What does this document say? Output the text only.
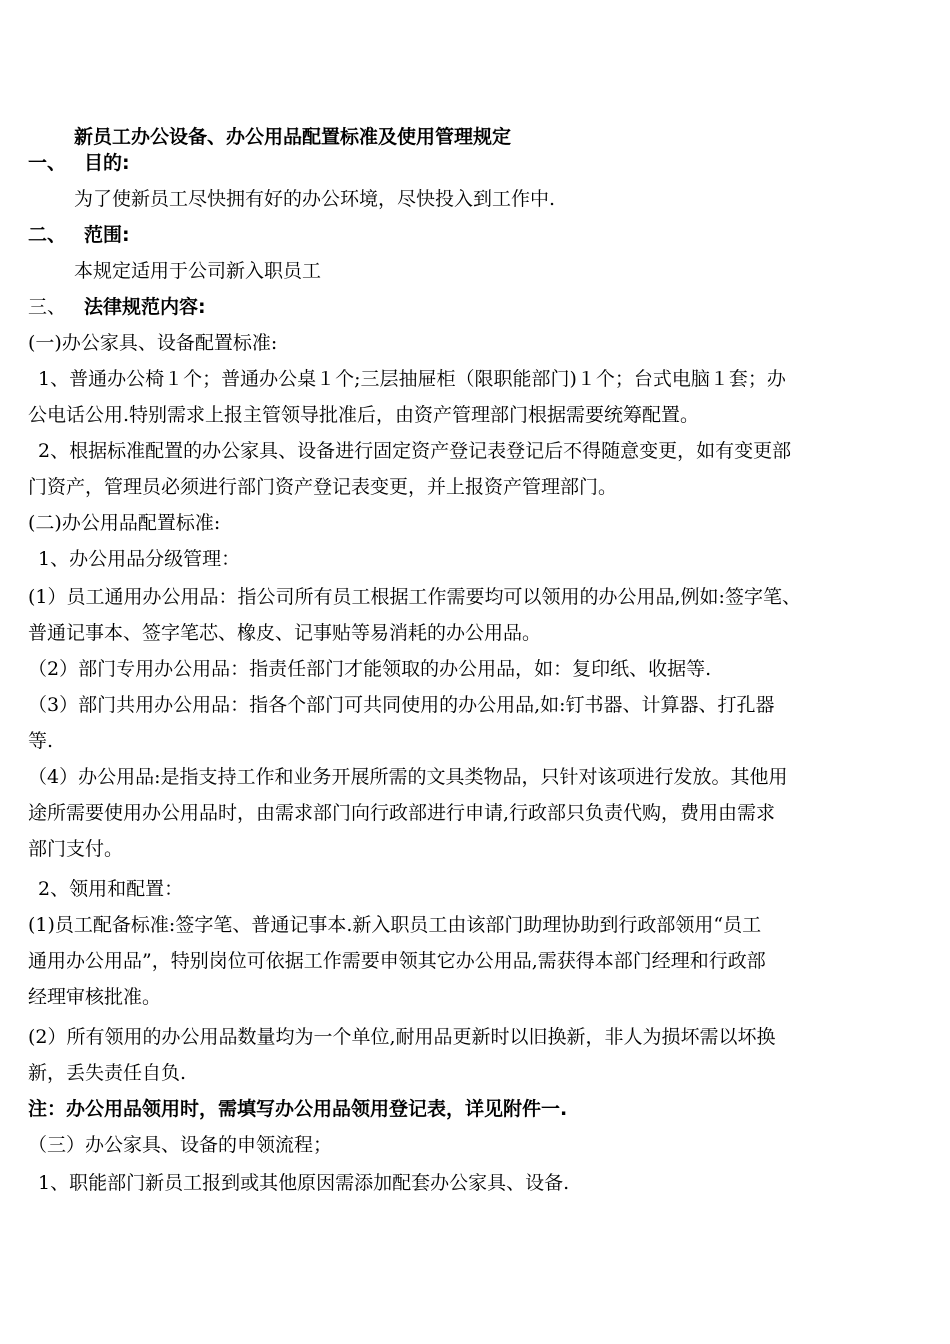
新员工办公设备、办公用品配置标准及使用管理规定
一、 目的:
为了使新员工尽快拥有好的办公环境，尽快投入到工作中.
二、 范围:
本规定适用于公司新入职员工
三、 法律规范内容:
(一)办公家具、设备配置标准:
1、普通办公椅１个；普通办公桌１个;三层抽屉柜（限职能部门)１个；台式电脑１套；办
公电话公用.特别需求上报主管领导批准后，由资产管理部门根据需要统筹配置。
2、根据标准配置的办公家具、设备进行固定资产登记表登记后不得随意变更，如有变更部
门资产，管理员必须进行部门资产登记表变更，并上报资产管理部门。
(二)办公用品配置标准:
1、办公用品分级管理：
(1）员工通用办公用品：指公司所有员工根据工作需要均可以领用的办公用品,例如:签字笔、
普通记事本、签字笔芯、橡皮、记事贴等易消耗的办公用品。
（2）部门专用办公用品：指责任部门才能领取的办公用品，如：复印纸、收据等.
（3）部门共用办公用品：指各个部门可共同使用的办公用品,如:钉书器、计算器、打孔器
等.
（4）办公用品:是指支持工作和业务开展所需的文具类物品，只针对该项进行发放。其他用
途所需要使用办公用品时，由需求部门向行政部进行申请,行政部只负责代购，费用由需求
部门支付。
2、领用和配置：
(1)员工配备标准:签字笔、普通记事本.新入职员工由该部门助理协助到行政部领用“员工
通用办公用品”，特别岗位可依据工作需要申领其它办公用品,需获得本部门经理和行政部
经理审核批准。
(2）所有领用的办公用品数量均为一个单位,耐用品更新时以旧换新，非人为损坏需以坏换
新，丢失责任自负.
注：办公用品领用时，需填写办公用品领用登记表，详见附件一.
（三）办公家具、设备的申领流程；
1、职能部门新员工报到或其他原因需添加配套办公家具、设备.
